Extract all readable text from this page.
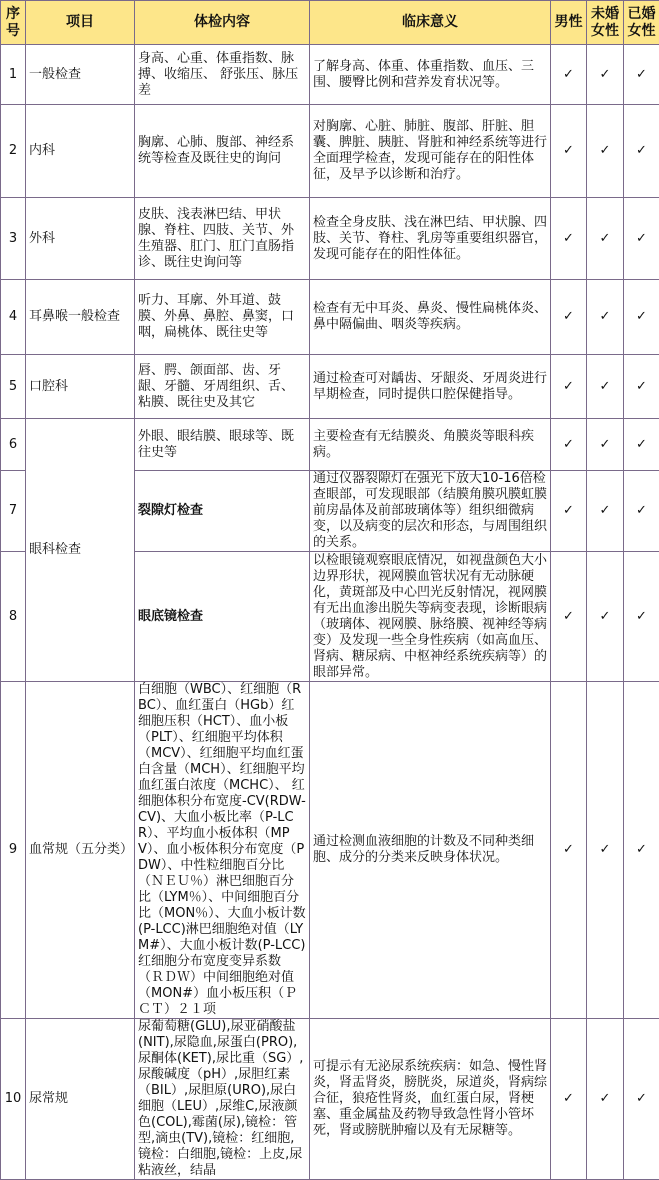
序号	项目	体检内容	临床意义	男性	未婚女性	已婚女性
1	一般检查	身高、心重、体重指数、脉搏、收缩压、 舒张压、脉压差	了解身高、体重、体重指数、血压、三围、腰臀比例和营养发育状况等。	✓	✓	✓
2	内科	胸廓、心肺、腹部、神经系统等检查及既往史的询问	对胸廓、心脏、肺脏、腹部、肝脏、胆囊、脾脏、胰脏、肾脏和神经系统等进行全面理学检查，发现可能存在的阳性体征，及早予以诊断和治疗。	✓	✓	✓
3	外科	皮肤、浅表淋巴结、甲状腺、脊柱、四肢、关节、外生殖器、肛门、肛门直肠指诊、既往史询问等	检查全身皮肤、浅在淋巴结、甲状腺、四肢、关节、脊柱、乳房等重要组织器官，发现可能存在的阳性体征。	✓	✓	✓
4	耳鼻喉一般检查	听力、耳廓、外耳道、鼓膜、外鼻、鼻腔、鼻窦，口咽，扁桃体、既往史等	检查有无中耳炎、鼻炎、慢性扁桃体炎、鼻中隔偏曲、咽炎等疾病。	✓	✓	✓
5	口腔科	唇、腭、颌面部、齿、牙龈、牙髓、牙周组织、舌、粘膜、既往史及其它	通过检查可对龋齿、牙龈炎、牙周炎进行早期检查，同时提供口腔保健指导。	✓	✓	✓
6	眼科检查	外眼、眼结膜、眼球等、既往史等	主要检查有无结膜炎、角膜炎等眼科疾病。	✓	✓	✓
7		裂隙灯检查	通过仪器裂隙灯在强光下放大10-16倍检查眼部，可发现眼部（结膜角膜巩膜虹膜前房晶体及前部玻璃体等）组织细微病变，以及病变的层次和形态，与周围组织的关系。	✓	✓	✓
8		眼底镜检查	以检眼镜观察眼底情况，如视盘颜色大小边界形状，视网膜血管状况有无动脉硬化，黄斑部及中心凹光反射情况，视网膜有无出血渗出脱失等病变表现，诊断眼病 （玻璃体、视网膜、脉络膜、视神经等病变）及发现一些全身性疾病（如高血压、肾病、糖尿病、中枢神经系统疾病等）的眼部异常。	✓	✓	✓
9	血常规（五分类）	白细胞（WBC）、红细胞（RBC）、血红蛋白（HGb）红细胞压积（HCT）、血小板（PLT）、红细胞平均体积（MCV）、红细胞平均血红蛋白含量（MCH）、红细胞平均血红蛋白浓度（MCHC）、 红细胞体积分布宽度-CV(RDW-CV)、大血小板比率（P-LCR）、平均血小板体积（MPV）、血小板体积分布宽度（PDW）、中性粒细胞百分比（ＮＥＵ％）淋巴细胞百分比（LYM％）、中间细胞百分比（MON％）、大血小板计数(P-LCC)淋巴细胞绝对值（LYM#）、大血小板计数(P-LCC)红细胞分布宽度变异系数（ＲＤＷ）中间细胞绝对值（MON#）血小板压积（ＰＣＴ）２１项	通过检测血液细胞的计数及不同种类细胞、成分的分类来反映身体状况。	✓	✓	✓
10	尿常规	尿葡萄糖(GLU),尿亚硝酸盐(NIT),尿隐血,尿蛋白(PRO),尿酮体(KET),尿比重（SG）,尿酸碱度（pH）,尿胆红素（BIL）,尿胆原(URO),尿白细胞（LEU）,尿维C,尿液颜色(COL),霉菌(尿),镜检：管型,滴虫(TV),镜检：红细胞,镜检：白细胞,镜检：上皮,尿粘液丝，结晶	可提示有无泌尿系统疾病：如急、慢性肾炎，肾盂肾炎，膀胱炎，尿道炎，肾病综合征，狼疮性肾炎，血红蛋白尿，肾梗塞、重金属盐及药物导致急性肾小管坏死，肾或膀胱肿瘤以及有无尿糖等。	✓	✓	✓
